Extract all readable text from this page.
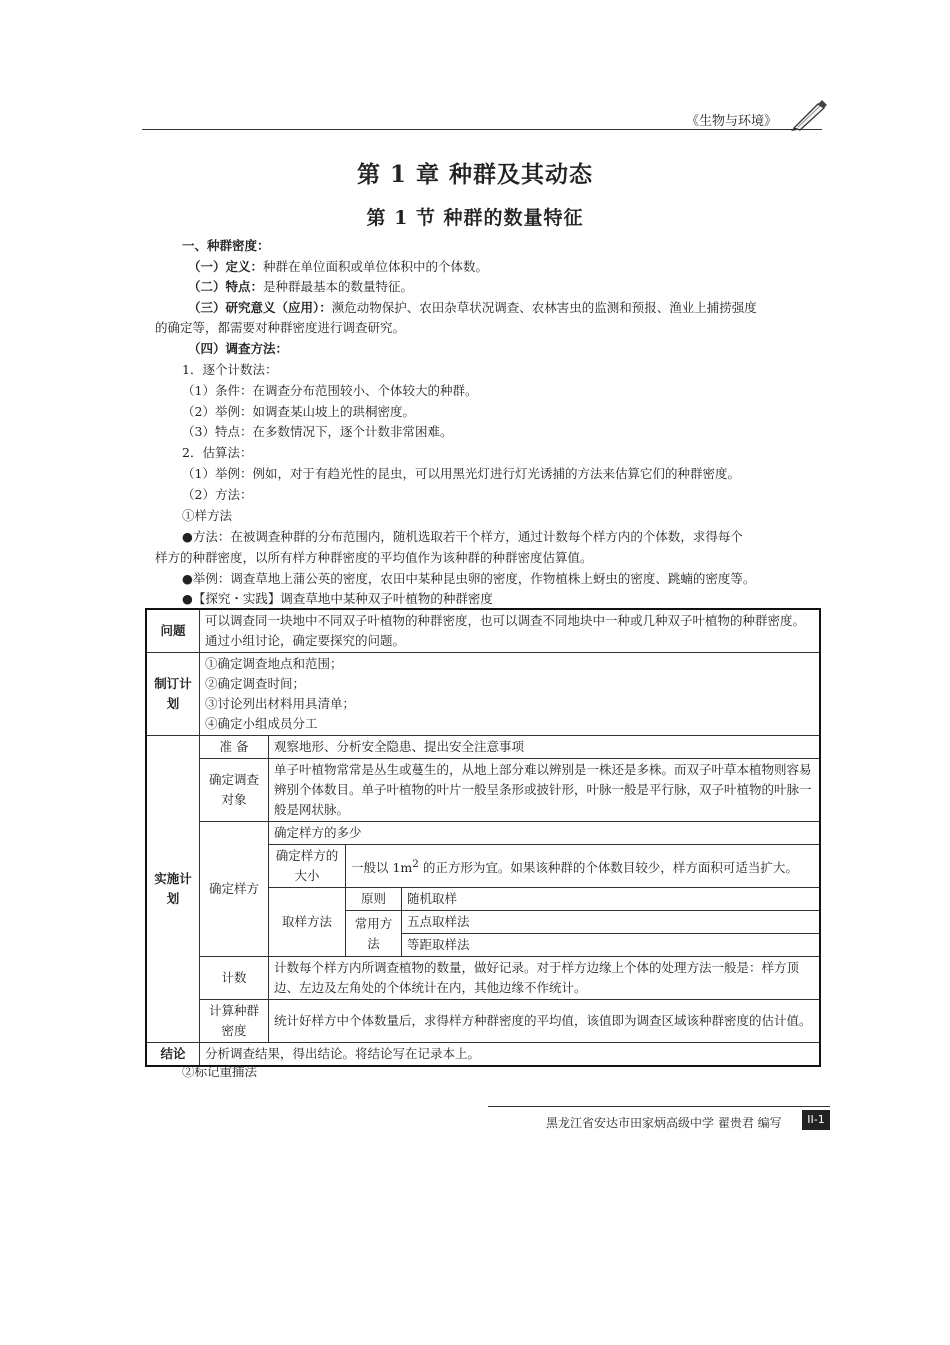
《生物与环境》
第 1 章 种群及其动态
第 1 节 种群的数量特征
一、种群密度：
（一）定义：种群在单位面积或单位体积中的个体数。
（二）特点：是种群最基本的数量特征。
（三）研究意义（应用）：濒危动物保护、农田杂草状况调查、农林害虫的监测和预报、渔业上捕捞强度
的确定等，都需要对种群密度进行调查研究。
（四）调查方法：
1．逐个计数法：
（1）条件：在调查分布范围较小、个体较大的种群。
（2）举例：如调查某山坡上的珙桐密度。
（3）特点：在多数情况下，逐个计数非常困难。
2．估算法：
（1）举例：例如，对于有趋光性的昆虫，可以用黑光灯进行灯光诱捕的方法来估算它们的种群密度。
（2）方法：
①样方法
●方法：在被调查种群的分布范围内，随机选取若干个样方，通过计数每个样方内的个体数，求得每个
样方的种群密度，以所有样方种群密度的平均值作为该种群的种群密度估算值。
●举例：调查草地上蒲公英的密度，农田中某种昆虫卵的密度，作物植株上蚜虫的密度、跳蝻的密度等。
●【探究・实践】调查草地中某种双子叶植物的种群密度
问题	可以调查同一块地中不同双子叶植物的种群密度，也可以调查不同地块中一种或几种双子叶植物的种群密度。通过小组讨论，确定要探究的问题。			
制订计划	①确定调查地点和范围；
②确定调查时间；
③讨论列出材料用具清单；
④确定小组成员分工			

实施计划	准 备	观察地形、分析安全隐患、提出安全注意事项		
	确定调查对象	单子叶植物常常是丛生或蔓生的，从地上部分难以辨别是一株还是多株。而双子叶草本植物则容易辨别个体数目。单子叶植物的叶片一般呈条形或披针形，叶脉一般是平行脉，双子叶植物的叶脉一般是网状脉。		
	确定样方	确定样方的多少		
		确定样方的大小	一般以 $1m^2$ 的正方形为宜。如果该种群的个体数目较少，样方面积可适当扩大。	
		取样方法	原则	随机取样
			常用方法	五点取样法
				等距取样法
	计数	计数每个样方内所调查植物的数量，做好记录。对于样方边缘上个体的处理方法一般是：样方顶边、左边及左角处的个体统计在内，其他边缘不作统计。		
	计算种群密度	统计好样方中个体数量后，求得样方种群密度的平均值，该值即为调查区域该种群密度的估计值。		
结论	分析调查结果，得出结论。将结论写在记录本上。			
②标记重捕法
黑龙江省安达市田家炳高级中学 翟贵君 编写	II-1
